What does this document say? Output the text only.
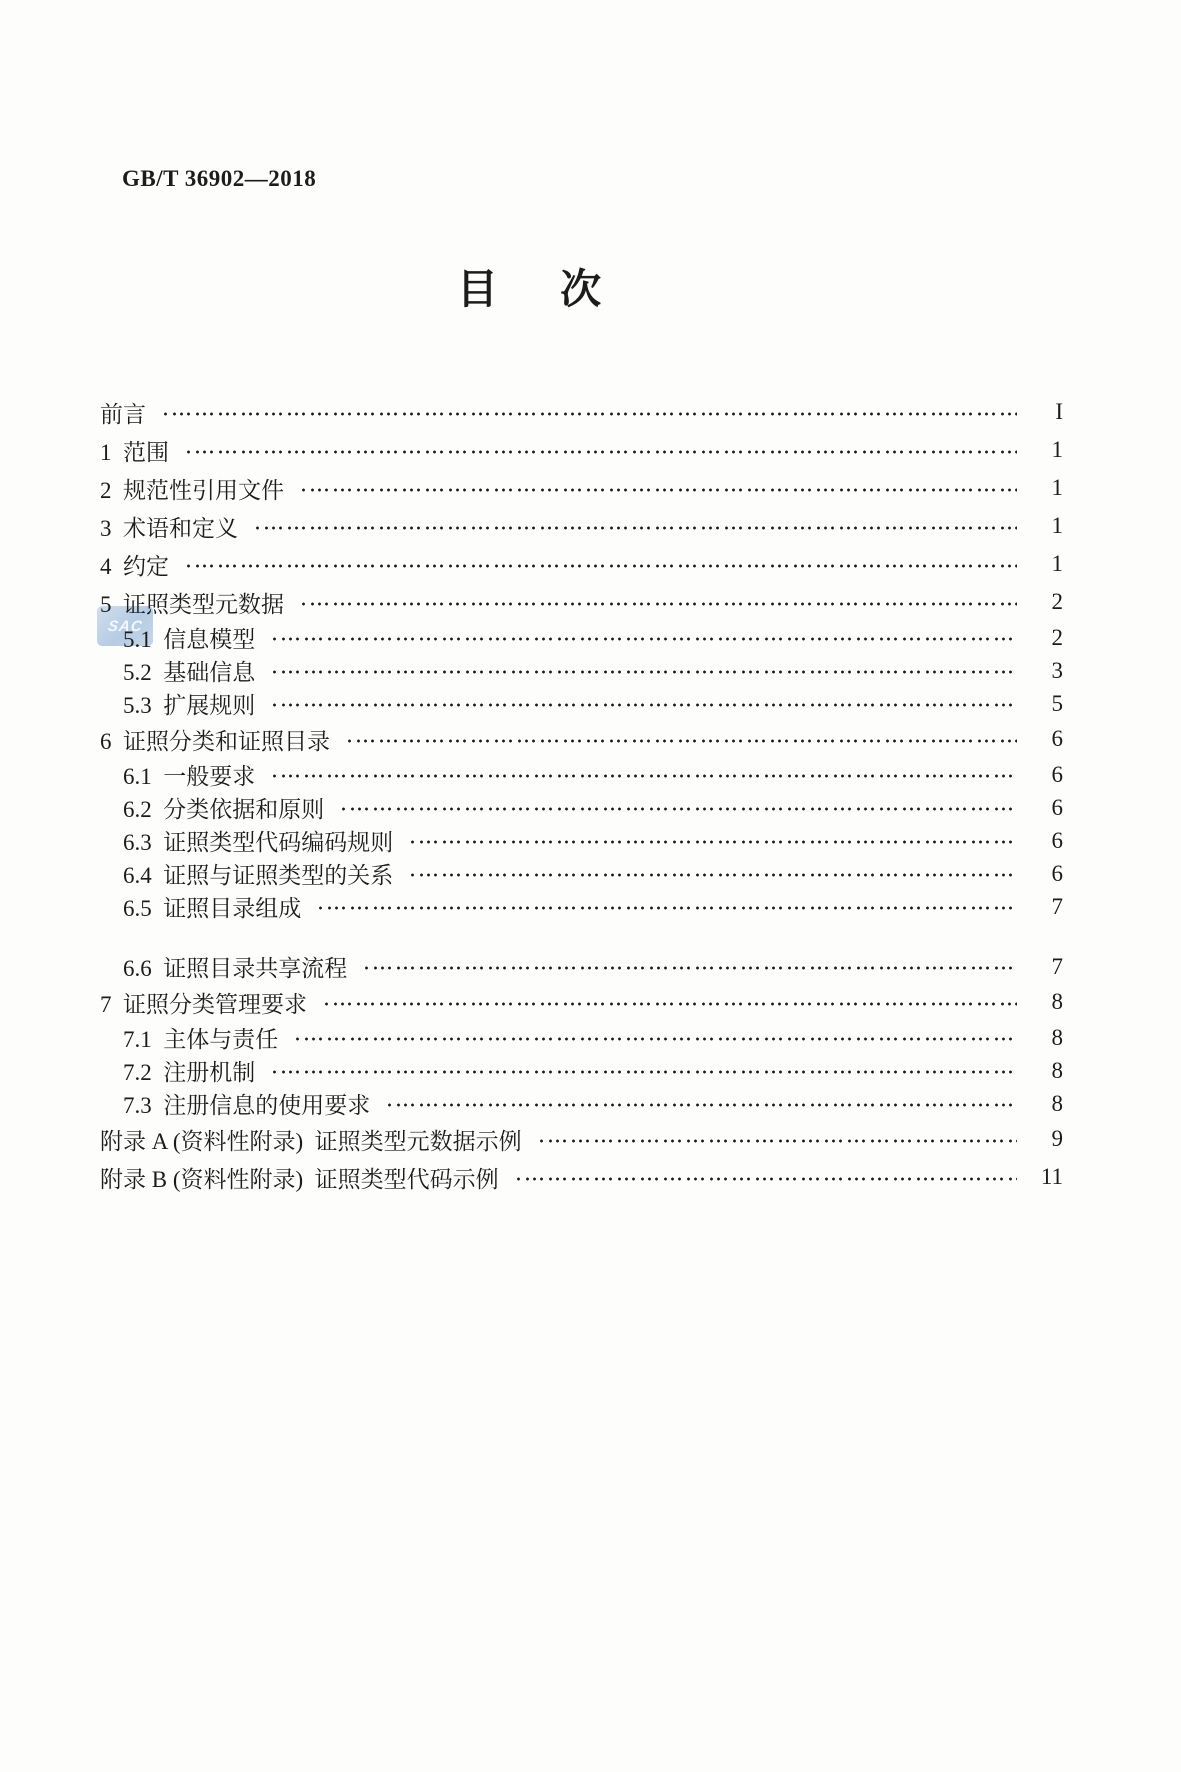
GB/T 36902—2018
目 次
SAC
前言	I
1  范围	1
2  规范性引用文件	1
3  术语和定义	1
4  约定	1
5  证照类型元数据	2
5.1  信息模型	2
5.2  基础信息	3
5.3  扩展规则	5
6  证照分类和证照目录	6
6.1  一般要求	6
6.2  分类依据和原则	6
6.3  证照类型代码编码规则	6
6.4  证照与证照类型的关系	6
6.5  证照目录组成	7
6.6  证照目录共享流程	7
7  证照分类管理要求	8
7.1  主体与责任	8
7.2  注册机制	8
7.3  注册信息的使用要求	8
附录 A (资料性附录)  证照类型元数据示例	9
附录 B (资料性附录)  证照类型代码示例	11
